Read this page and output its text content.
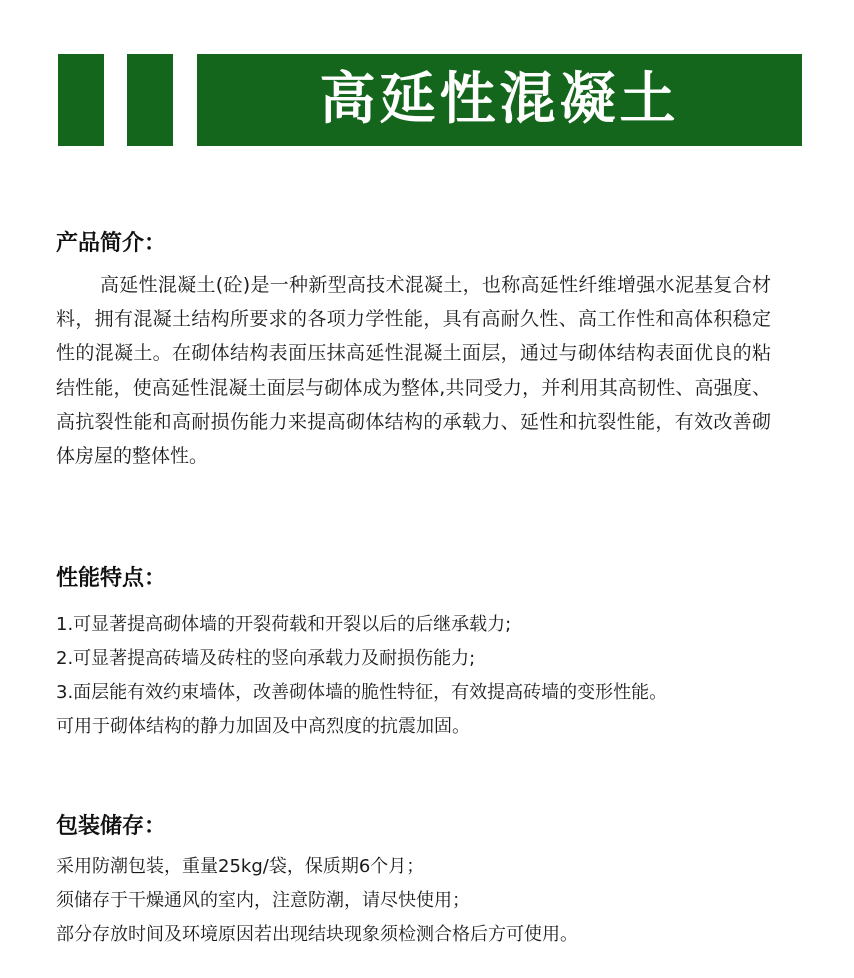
高延性混凝土
产品简介：

高延性混凝土(砼)是一种新型高技术混凝土，也称高延性纤维增强水泥基复合材料，拥有混凝土结构所要求的各项力学性能，具有高耐久性、高工作性和高体积稳定性的混凝土。在砌体结构表面压抹高延性混凝土面层，通过与砌体结构表面优良的粘结性能，使高延性混凝土面层与砌体成为整体,共同受力，并利用其高韧性、高强度、高抗裂性能和高耐损伤能力来提高砌体结构的承载力、延性和抗裂性能，有效改善砌体房屋的整体性。

性能特点：
1.可显著提高砌体墙的开裂荷载和开裂以后的后继承载力;
2.可显著提高砖墙及砖柱的竖向承载力及耐损伤能力;
3.面层能有效约束墙体，改善砌体墙的脆性特征，有效提高砖墙的变形性能。
可用于砌体结构的静力加固及中高烈度的抗震加固。
包装储存：
采用防潮包装，重量25kg/袋，保质期6个月；
须储存于干燥通风的室内，注意防潮，请尽快使用；
部分存放时间及环境原因若出现结块现象须检测合格后方可使用。
